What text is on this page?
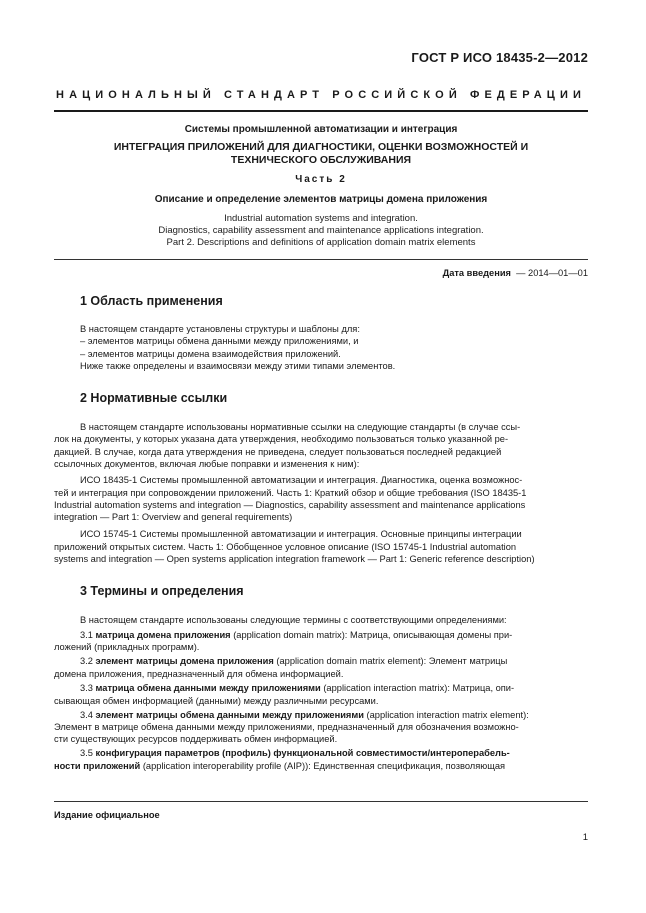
ГОСТ Р ИСО 18435-2—2012
НАЦИОНАЛЬНЫЙ СТАНДАРТ РОССИЙСКОЙ ФЕДЕРАЦИИ
Системы промышленной автоматизации и интеграция
ИНТЕГРАЦИЯ ПРИЛОЖЕНИЙ ДЛЯ ДИАГНОСТИКИ, ОЦЕНКИ ВОЗМОЖНОСТЕЙ И
ТЕХНИЧЕСКОГО ОБСЛУЖИВАНИЯ
Часть 2
Описание и определение элементов матрицы домена приложения
Industrial automation systems and integration.
Diagnostics, capability assessment and maintenance applications integration.
Part 2. Descriptions and definitions of application domain matrix elements
Дата введения — 2014—01—01
1 Область применения

В настоящем стандарте установлены структуры и шаблоны для:

– элементов матрицы обмена данными между приложениями, и

– элементов матрицы домена взаимодействия приложений.

Ниже также определены и взаимосвязи между этими типами элементов.

2 Нормативные ссылки
В настоящем стандарте использованы нормативные ссылки на следующие стандарты (в случае ссы-
лок на документы, у которых указана дата утверждения, необходимо пользоваться только указанной ре-
дакцией. В случае, когда дата утверждения не приведена, следует пользоваться последней редакцией
ссылочных документов, включая любые поправки и изменения к ним):
ИСО 18435-1 Системы промышленной автоматизации и интеграция. Диагностика, оценка возможнос-
тей и интеграция при сопровождении приложений. Часть 1: Краткий обзор и общие требования (ISO 18435-1
Industrial automation systems and integration — Diagnostics, capability assessment and maintenance applications
integration — Part 1: Overview and general requirements)
ИСО 15745-1 Системы промышленной автоматизации и интеграция. Основные принципы интеграции
приложений открытых систем. Часть 1: Обобщенное условное описание (ISO 15745-1 Industrial automation
systems and integration — Open systems application integration framework — Part 1: Generic reference description)
3 Термины и определения
В настоящем стандарте использованы следующие термины с соответствующими определениями:
3.1 матрица домена приложения (application domain matrix): Матрица, описывающая домены при-
ложений (прикладных программ).
3.2 элемент матрицы домена приложения (application domain matrix element): Элемент матрицы
домена приложения, предназначенный для обмена информацией.
3.3 матрица обмена данными между приложениями (application interaction matrix): Матрица, опи-
сывающая обмен информацией (данными) между различными ресурсами.
3.4 элемент матрицы обмена данными между приложениями (application interaction matrix element):
Элемент в матрице обмена данными между приложениями, предназначенный для обозначения возможно-
сти существующих ресурсов поддерживать обмен информацией.
3.5 конфигурация параметров (профиль) функциональной совместимости/интероперабель-
ности приложений (application interoperability profile (AIP)): Единственная спецификация, позволяющая
Издание официальное
1
